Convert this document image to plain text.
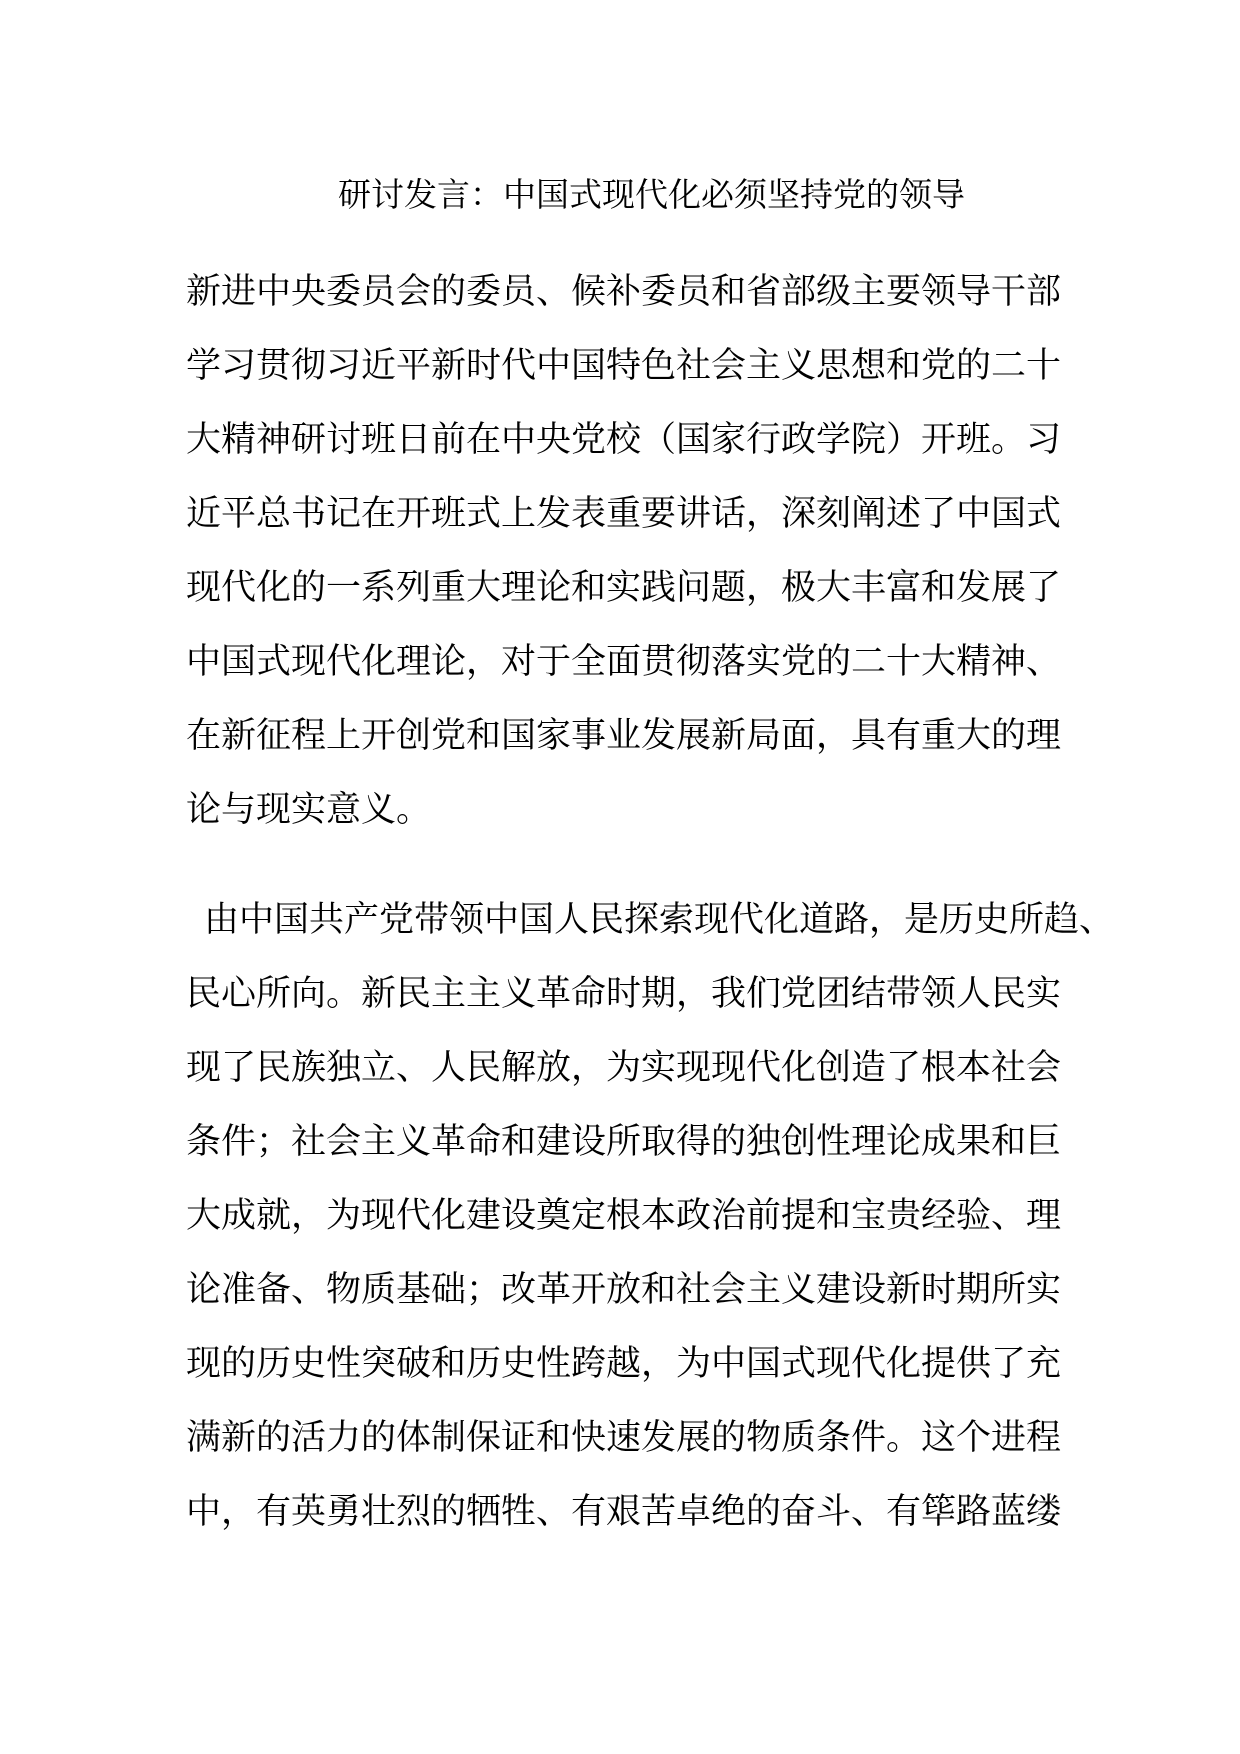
研讨发言：中国式现代化必须坚持党的领导
新进中央委员会的委员、候补委员和省部级主要领导干部
学习贯彻习近平新时代中国特色社会主义思想和党的二十
大精神研讨班日前在中央党校（国家行政学院）开班。习
近平总书记在开班式上发表重要讲话，深刻阐述了中国式
现代化的一系列重大理论和实践问题，极大丰富和发展了
中国式现代化理论，对于全面贯彻落实党的二十大精神、
在新征程上开创党和国家事业发展新局面，具有重大的理
论与现实意义。
由中国共产党带领中国人民探索现代化道路，是历史所趋、
民心所向。新民主主义革命时期，我们党团结带领人民实
现了民族独立、人民解放，为实现现代化创造了根本社会
条件；社会主义革命和建设所取得的独创性理论成果和巨
大成就，为现代化建设奠定根本政治前提和宝贵经验、理
论准备、物质基础；改革开放和社会主义建设新时期所实
现的历史性突破和历史性跨越，为中国式现代化提供了充
满新的活力的体制保证和快速发展的物质条件。这个进程
中，有英勇壮烈的牺牲、有艰苦卓绝的奋斗、有筚路蓝缕
